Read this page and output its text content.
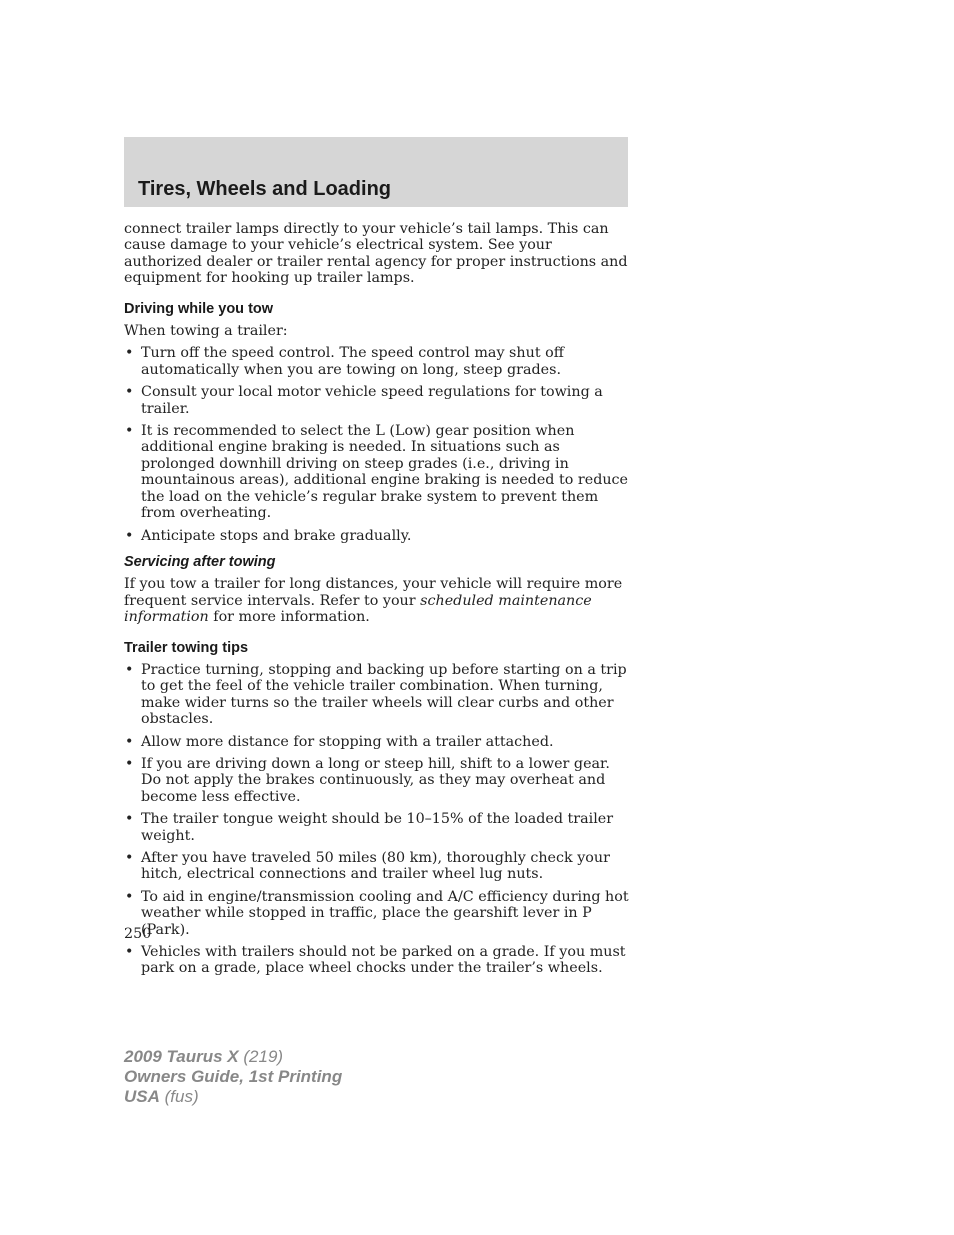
Tires, Wheels and Loading

connect trailer lamps directly to your vehicle’s tail lamps. This can cause damage to your vehicle’s electrical system. See your authorized dealer or trailer rental agency for proper instructions and equipment for hooking up trailer lamps.

Driving while you tow

When towing a trailer:

• Turn off the speed control. The speed control may shut off automatically when you are towing on long, steep grades.
• Consult your local motor vehicle speed regulations for towing a trailer.
• It is recommended to select the L (Low) gear position when additional engine braking is needed. In situations such as prolonged downhill driving on steep grades (i.e., driving in mountainous areas), additional engine braking is needed to reduce the load on the vehicle’s regular brake system to prevent them from overheating.
• Anticipate stops and brake gradually.
Servicing after towing

If you tow a trailer for long distances, your vehicle will require more frequent service intervals. Refer to your scheduled maintenance information for more information.

Trailer towing tips
• Practice turning, stopping and backing up before starting on a trip to get the feel of the vehicle trailer combination. When turning, make wider turns so the trailer wheels will clear curbs and other obstacles.
• Allow more distance for stopping with a trailer attached.
• If you are driving down a long or steep hill, shift to a lower gear. Do not apply the brakes continuously, as they may overheat and become less effective.
• The trailer tongue weight should be 10–15% of the loaded trailer weight.
• After you have traveled 50 miles (80 km), thoroughly check your hitch, electrical connections and trailer wheel lug nuts.
• To aid in engine/transmission cooling and A/C efficiency during hot weather while stopped in traffic, place the gearshift lever in P (Park).
• Vehicles with trailers should not be parked on a grade. If you must park on a grade, place wheel chocks under the trailer’s wheels.
250
2009 Taurus X (219)
Owners Guide, 1st Printing
USA (fus)
